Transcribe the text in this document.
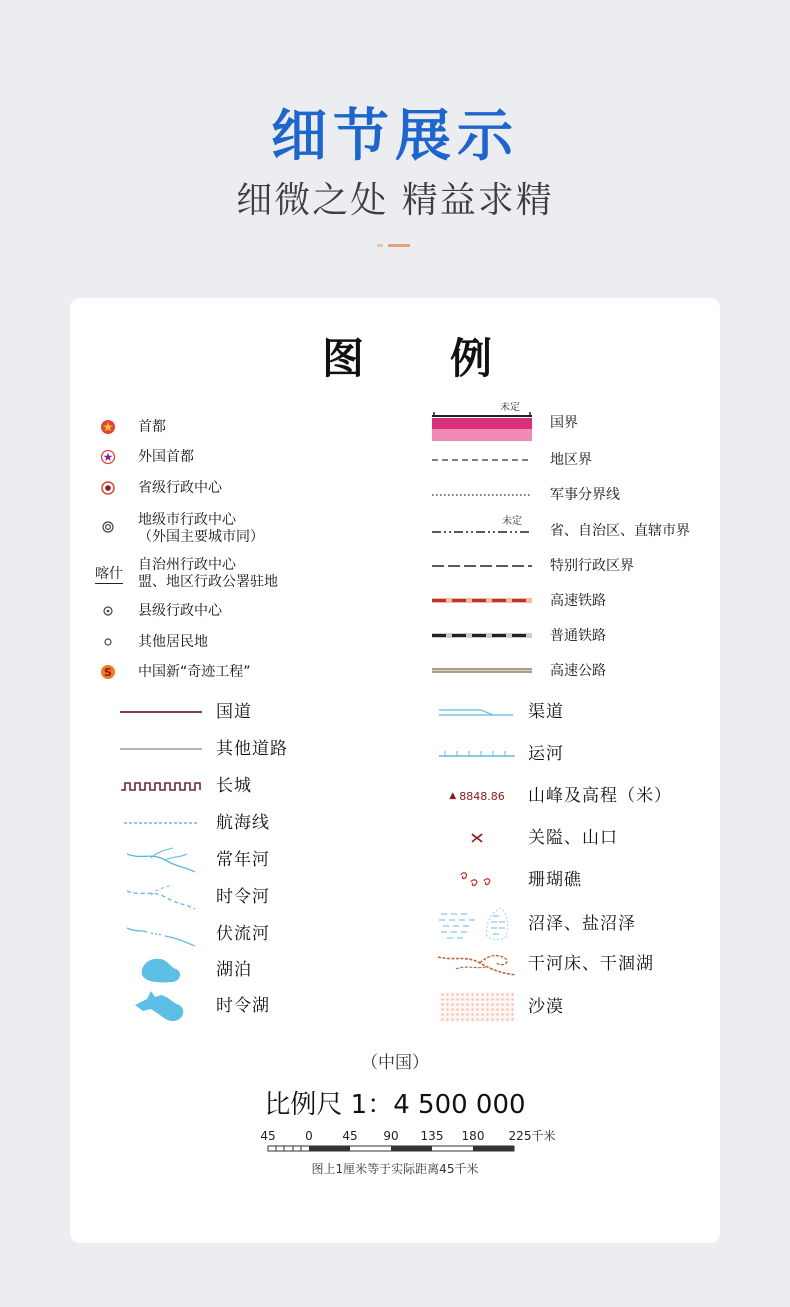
细节展示
细微之处 精益求精
图 例
首都
外国首都
省级行政中心
地级市行政中心
（外国主要城市同）
喀什
自治州行政中心
盟、地区行政公署驻地
县级行政中心
其他居民地
S 中国新“奇迹工程”
未定
国界
地区界
军事分界线
未定
省、自治区、直辖市界
特别行政区界
高速铁路
普通铁路
高速公路
国道
其他道路
长城
航海线
常年河
时令河
伏流河
湖泊
时令湖
渠道
运河
▲ 8848.86 山峰及高程（米）
关隘、山口
珊瑚礁
沼泽、盐沼泽
干河床、干涸湖
沙漠
（中国）
比例尺 1：4 500 000
45 0 45 90 135 180 225千米
图上1厘米等于实际距离45千米
